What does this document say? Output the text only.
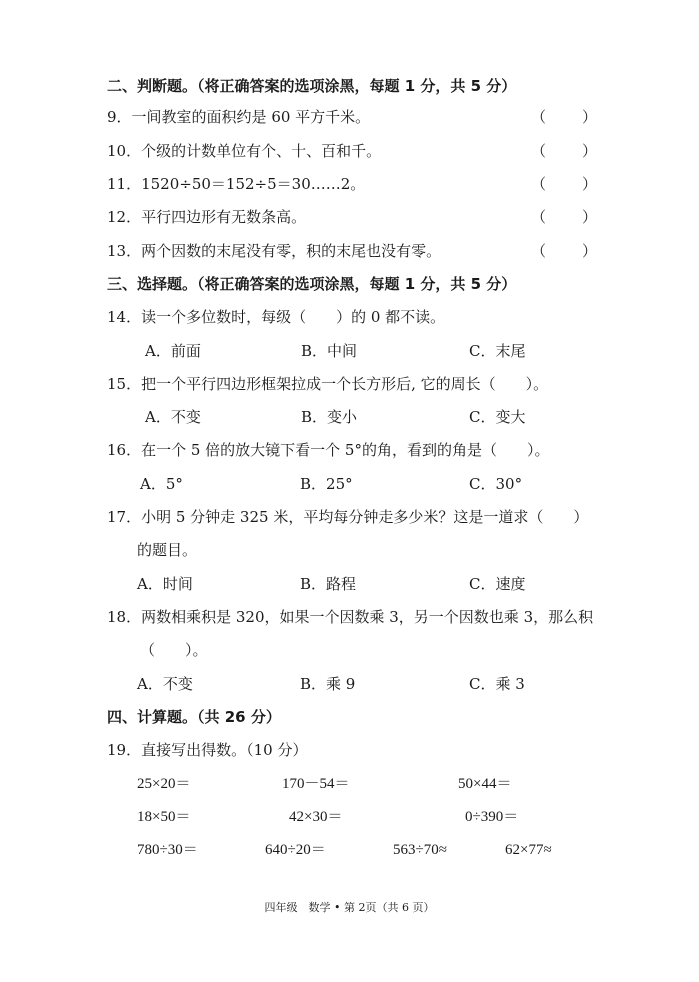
二、判断题。（将正确答案的选项涂黑，每题 1 分，共 5 分）
9．一间教室的面积约是 60 平方千米。	（ ）
10．个级的计数单位有个、十、百和千。	（ ）
11．1520÷50＝152÷5＝30……2。	（ ）
12．平行四边形有无数条高。	（ ）
13．两个因数的末尾没有零，积的末尾也没有零。	（ ）
三、选择题。（将正确答案的选项涂黑，每题 1 分，共 5 分）
14．读一个多位数时，每级（　　）的 0 都不读。
A．前面	B．中间	C．末尾
15．把一个平行四边形框架拉成一个长方形后, 它的周长（　　）。
A．不变	B．变小	C．变大
16．在一个 5 倍的放大镜下看一个 5°的角，看到的角是（　　）。
A．5°	B．25°	C．30°
17．小明 5 分钟走 325 米，平均每分钟走多少米？这是一道求（　　）
的题目。
A．时间	B．路程	C．速度
18．两数相乘积是 320，如果一个因数乘 3，另一个因数也乘 3，那么积
（　　）。
A．不变	B．乘 9	C．乘 3
四、计算题。（共 26 分）
19．直接写出得数。（10 分）
25×20＝	170－54＝	50×44＝
18×50＝	42×30＝	0÷390＝
780÷30＝	640÷20＝	563÷70≈	62×77≈
四年级　数学 • 第 2页（共 6 页）
